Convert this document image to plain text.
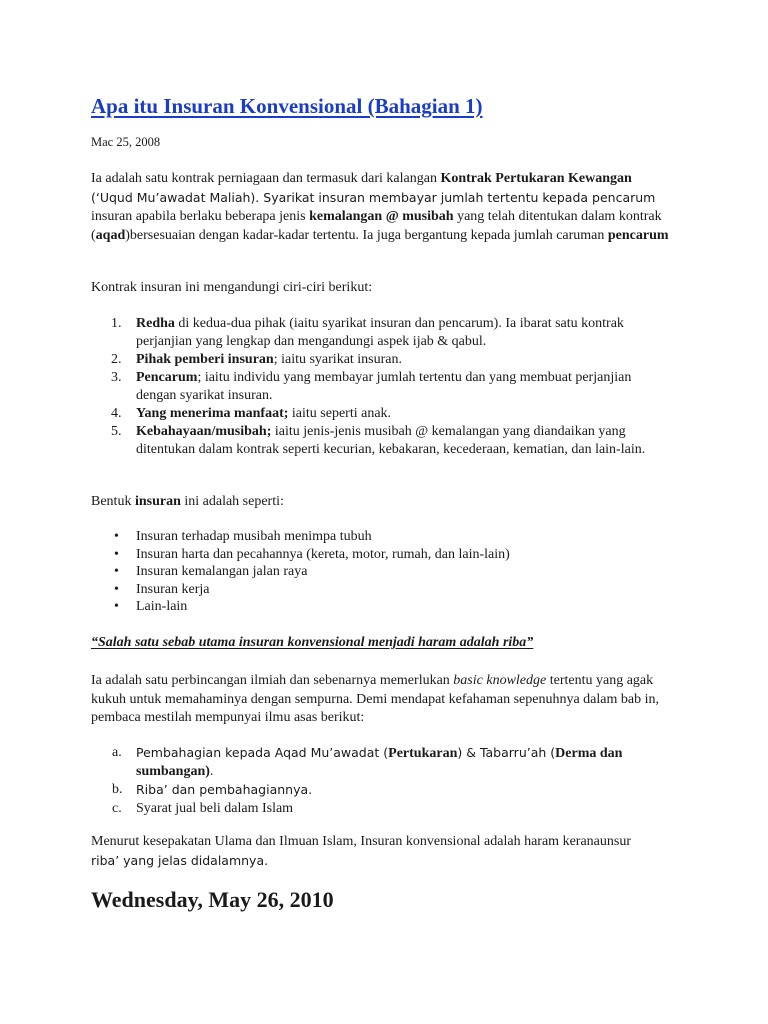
Apa itu Insuran Konvensional (Bahagian 1)
Mac 25, 2008

Ia adalah satu kontrak perniagaan dan termasuk dari kalangan Kontrak Pertukaran Kewangan
(‘Uqud Mu’awadat Maliah). Syarikat insuran membayar jumlah tertentu kepada pencarum insuran apabila berlaku beberapa jenis kemalangan @ musibah yang telah ditentukan dalam kontrak (aqad)bersesuaian dengan kadar-kadar tertentu. Ia juga bergantung kepada jumlah caruman pencarum

Kontrak insuran ini mengandungi ciri-ciri berikut:

1. Redha di kedua-dua pihak (iaitu syarikat insuran dan pencarum). Ia ibarat satu kontrak perjanjian yang lengkap dan mengandungi aspek ijab & qabul.
2. Pihak pemberi insuran; iaitu syarikat insuran.
3. Pencarum; iaitu individu yang membayar jumlah tertentu dan yang membuat perjanjian dengan syarikat insuran.
4. Yang menerima manfaat; iaitu seperti anak.
5. Kebahayaan/musibah; iaitu jenis-jenis musibah @ kemalangan yang diandaikan yang ditentukan dalam kontrak seperti kecurian, kebakaran, kecederaan, kematian, dan lain-lain.

Bentuk insuran ini adalah seperti:

• Insuran terhadap musibah menimpa tubuh
• Insuran harta dan pecahannya (kereta, motor, rumah, dan lain-lain)
• Insuran kemalangan jalan raya
• Insuran kerja
• Lain-lain

“Salah satu sebab utama insuran konvensional menjadi haram adalah riba”

Ia adalah satu perbincangan ilmiah dan sebenarnya memerlukan basic knowledge tertentu yang agak kukuh untuk memahaminya dengan sempurna. Demi mendapat kefahaman sepenuhnya dalam bab in, pembaca mestilah mempunyai ilmu asas berikut:

a. Pembahagian kepada Aqad Mu’awadat (Pertukaran) & Tabarru’ah (Derma dan sumbangan).
b. Riba’ dan pembahagiannya.
c. Syarat jual beli dalam Islam

Menurut kesepakatan Ulama dan Ilmuan Islam, Insuran konvensional adalah haram keranaunsur
riba’ yang jelas didalamnya.

Wednesday, May 26, 2010
